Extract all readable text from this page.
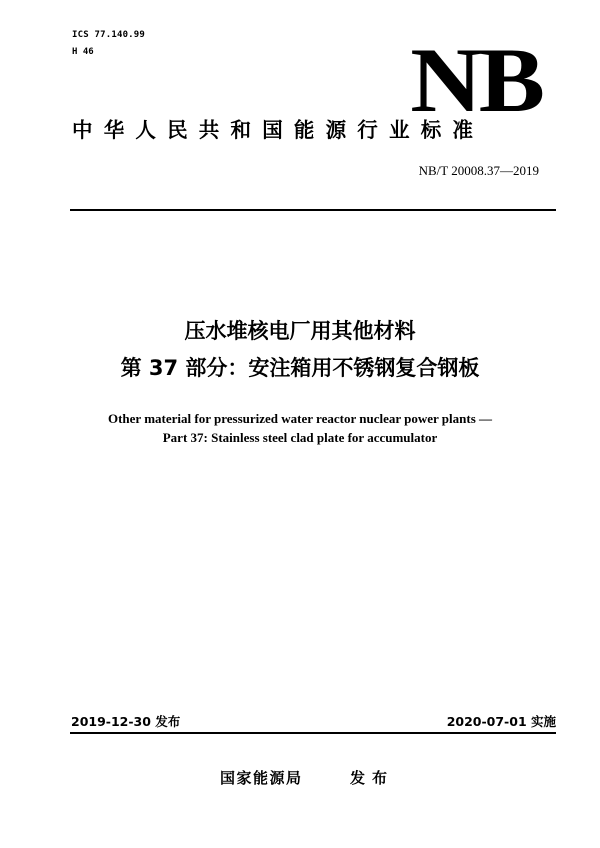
ICS 77.140.99
H 46	NB
中华人民共和国能源行业标准
NB/T 20008.37—2019
压水堆核电厂用其他材料
第 37 部分：安注箱用不锈钢复合钢板
Other material for pressurized water reactor nuclear power plants —
Part 37: Stainless steel clad plate for accumulator
2019-12-30 发布	2020-07-01 实施
国家能源局	发布
